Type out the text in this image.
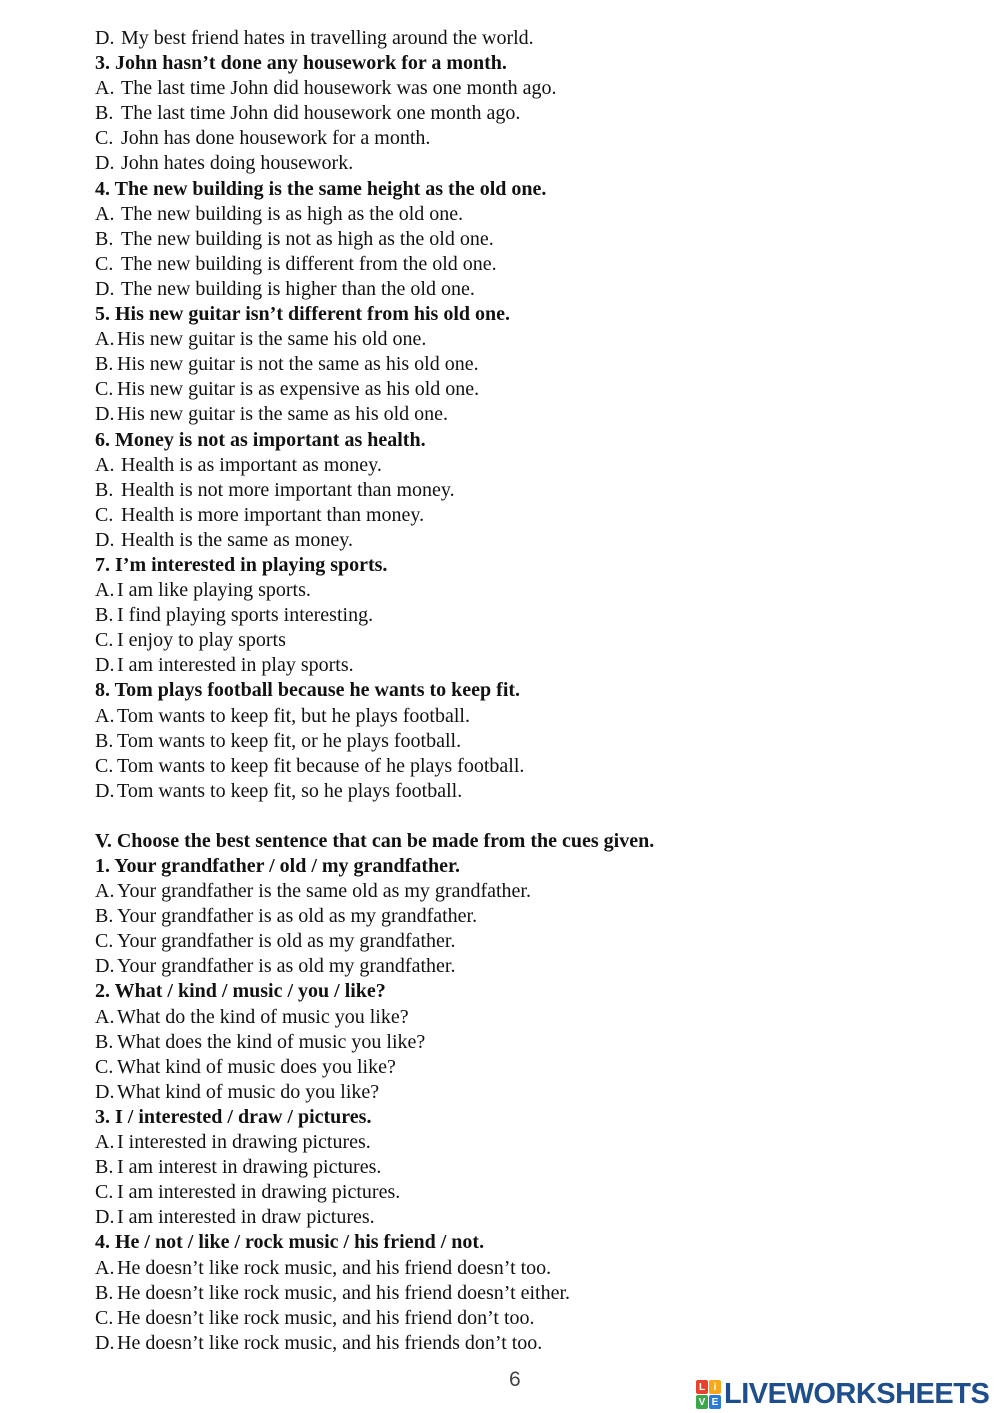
D. My best friend hates in travelling around the world.
3. John hasn’t done any housework for a month.
A. The last time John did housework was one month ago.
B. The last time John did housework one month ago.
C. John has done housework for a month.
D. John hates doing housework.
4. The new building is the same height as the old one.
A. The new building is as high as the old one.
B. The new building is not as high as the old one.
C. The new building is different from the old one.
D. The new building is higher than the old one.
5. His new guitar isn’t different from his old one.
A. His new guitar is the same his old one.
B. His new guitar is not the same as his old one.
C. His new guitar is as expensive as his old one.
D. His new guitar is the same as his old one.
6. Money is not as important as health.
A. Health is as important as money.
B. Health is not more important than money.
C. Health is more important than money.
D. Health is the same as money.
7. I’m interested in playing sports.
A. I am like playing sports.
B. I find playing sports interesting.
C. I enjoy to play sports
D. I am interested in play sports.
8. Tom plays football because he wants to keep fit.
A. Tom wants to keep fit, but he plays football.
B. Tom wants to keep fit, or he plays football.
C. Tom wants to keep fit because of he plays football.
D. Tom wants to keep fit, so he plays football.
V. Choose the best sentence that can be made from the cues given.
1. Your grandfather / old / my grandfather.
A. Your grandfather is the same old as my grandfather.
B. Your grandfather is as old as my grandfather.
C. Your grandfather is old as my grandfather.
D. Your grandfather is as old my grandfather.
2. What / kind / music / you / like?
A. What do the kind of music you like?
B. What does the kind of music you like?
C. What kind of music does you like?
D. What kind of music do you like?
3. I / interested / draw / pictures.
A. I interested in drawing pictures.
B. I am interest in drawing pictures.
C. I am interested in drawing pictures.
D. I am interested in draw pictures.
4. He / not / like / rock music / his friend / not.
A. He doesn’t like rock music, and his friend doesn’t too.
B. He doesn’t like rock music, and his friend doesn’t either.
C. He doesn’t like rock music, and his friend don’t too.
D. He doesn’t like rock music, and his friends don’t too.
6	L i
V E LIVEWORKSHEETS
